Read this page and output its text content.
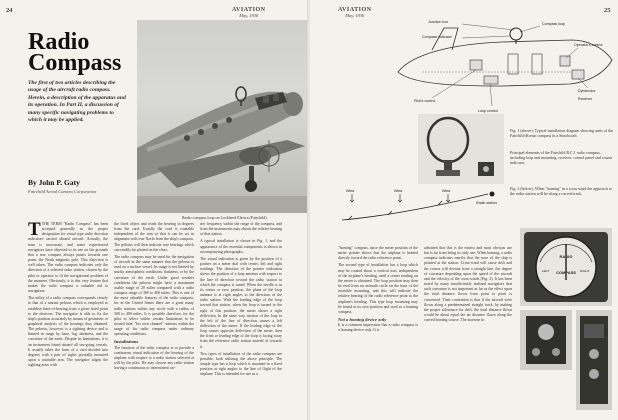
24	AVIATION
May, 1936
Radio
Compass
The first of two articles describing the usage of the aircraft radio compass. Herein, a description of the apparatus and its operation. In Part II, a discussion of many specific navigating problems to which it may be applied.
By John P. Gaty
Fairchild Aerial Camera Corporation
Radio compass loop on Lockheed Electra (Fairchild).

TTHE TERM "Radio Compass" has been accepted generally as the proper designation for visual type radio direction indicators carried aboard aircraft. Actually, the term is inaccurate, and some experienced navigators have objected to its use on the grounds that a true compass always points towards one point, the North magnetic pole. This objection is well taken. The radio compass indicates only the direction of a selected radio station, chosen by the pilot or operator to fit the navigational problem of the moment. Obviously, it is this very feature that makes the radio compass a valuable aid to navigation.

The utility of a radio compass corresponds closely to that of a marine pelorus which is employed to establish lines-of-bearing from a given fixed point to the observer. The navigator is able to fix the ship's position accurately by means of geometric or graphical analysis of the bearings thus obtained. The pelorus, however, is a sighting device and is limited in range by haze, fog, darkness, and the curvature of the earth. Despite its limitations, it is an instrument found aboard all sea-going vessels. It usually takes the form of a card divided into degrees with a pair of sights pivotally mounted upon a rotatable arm. The navigator aligns the sighting arms with

the fixed object and reads the bearing in degrees from the card. Usually the card is rotatable independent of the arm so that it can be set in alignment with true North from the ship's compass. The pelorus will then indicate true bearings which can readily be plotted on the chart.

The radio compass may be used for the navigation of aircraft in the same manner that the pelorus is used on a surface vessel. Its range is not limited by smoky atmospheric conditions, darkness, or by the curvature of the earth. Under good weather conditions the pelorus might have a maximum usable range of 20 miles compared with a radio compass range of 300 to 400 miles. This is one of the most valuable features of the radio compass, for in the United States there are a great many radio stations within any circle with a radius of 300 to 400 miles. It is possible therefore, for the pilot to select within certain limitations to be treated later, "his own channel" stations within the range of his radio compass under ordinary operating conditions.

Installations

The function of the radio compass is to provide a continuous visual indication of the bearing of the airplane with respect to a radio station selected at will by the pilot. He may choose any radio station having a continuous or intermittent car-

rier frequency within the range of the compass, and from the instruments may obtain the relative bearing of that station.

A typical installation is shown in Fig. 1, and the appearance of the essential components is shown in accompanying photographs.

The visual indication is given by the position of a pointer on a meter dial with center, left and right readings. The direction of the pointer indication shows the position of a loop antenna with respect to the line of direction toward the radio station to which the compass is tuned. When the needle is in its center or zero position, the plane of the loop antenna is at right angles to the direction of the radio station. With the leading edge of the loop toward that station, when the loop is turned to the right of this position, the meter shows a right deflection. In the same way, motion of the loop to the left of the line of direction causes a left deflection of the meter. If the leading edge of the loop causes opposite deflection of the meter, then the front or leading edge of the loop is facing away from the reference radio station instead of towards it.

Two types of installation of the radio compass are possible, both utilizing the above principle. The simple type has a loop which is mounted in a fixed position at right angles to the line of flight of the airplane. This is intended for use as a

AVIATION
May, 1936
25
Junction box
Compass indicator
Compass loop
Operator's control
Dynamotor
Receiver
Pilot's control
Loop control
Fig. 1 (above): Typical installation diagram showing units of the Fairchild-Kreusi compass in a Stinchcraft.
Principal elements of the Fairchild R.C.1 radio compass, including loop and mounting, receiver, control panel and course indicator.
Radio station
Wind	Wind	Wind	Fig. 2 (below): When "homing" in a cross-wind the approach to the radio station will be along a curved track.
RADIO
COMPASS
LEFT	RIGHT

"homing" compass, since the meter position of the meter pointer shows that the airplane is headed directly toward the radio reference point.

The second type of installation has a loop which may be rotated about a vertical axis, independent of the airplane's heading, until a center reading on the meter is obtained. The loop position may then be read from an azimuth circle on the base of the rotatable mounting, and this will indicate the relative bearing of the radio reference point to the airplane's heading. This type loop mounting may be found in its zero position and used as a homing compass.

Not a homing device only

It is a common impression that a radio compass is a homing device only. It is

admitted that this is the easiest and most obvious use but is far from being its only use. When homing, a radio compass indicates merely that the nose of the ship is pointed at the station. Cross-wind will cause drift and the course will deviate from a straight line, the degree of curvature depending upon the speed of the aircraft and the velocity of the cross-winds (Fig. 2). It has been noted by many insufficiently inclined navigators that such curvature is not important as far as the effect upon the total distance flown from point to point is concerned. Their contention is that if the aircraft were flown along a predetermined straight track, by making the proper allowance for drift, the total distance flown would be about equal the air distance flown along the curved homing course. The increase in
